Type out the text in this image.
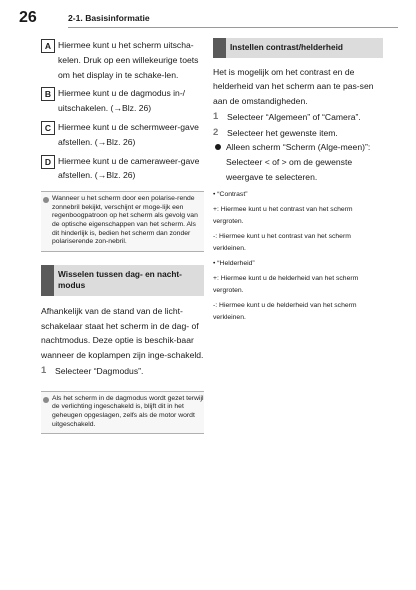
26	2-1. Basisinformatie
A Hiermee kunt u het scherm uitscha-kelen. Druk op een willekeurige toets om het display in te schake-len.
B Hiermee kunt u de dagmodus in-/ uitschakelen. (→Blz. 26)
C Hiermee kunt u de schermweer-gave afstellen. (→Blz. 26)
D Hiermee kunt u de cameraweer-gave afstellen. (→Blz. 26)
Wanneer u het scherm door een polarise-rende zonnebril bekijkt, verschijnt er moge-lijk een regenboogpatroon op het scherm als gevolg van de optische eigenschappen van het scherm. Als dit hinderlijk is, bedien het scherm dan zonder polariserende zon-nebril.
Wisselen tussen dag- en nacht-modus

Afhankelijk van de stand van de licht-schakelaar staat het scherm in de dag- of nachtmodus. Deze optie is beschik-baar wanneer de koplampen zijn inge-schakeld.

1	Selecteer “Dagmodus”.
Als het scherm in de dagmodus wordt gezet terwijl de verlichting ingeschakeld is, blijft dit in het geheugen opgeslagen, zelfs als de motor wordt uitgeschakeld.
Instellen contrast/helderheid

Het is mogelijk om het contrast en de helderheid van het scherm aan te pas-sen aan de omstandigheden.

1	Selecteer “Algemeen” of “Camera”.
2	Selecteer het gewenste item.
Alleen scherm “Scherm (Alge-meen)”: Selecteer < of > om de gewenste weergave te selecteren.
• “Contrast”
+: Hiermee kunt u het contrast van het scherm vergroten.
-: Hiermee kunt u het contrast van het scherm verkleinen.
• “Helderheid”
+: Hiermee kunt u de helderheid van het scherm vergroten.
-: Hiermee kunt u de helderheid van het scherm verkleinen.
